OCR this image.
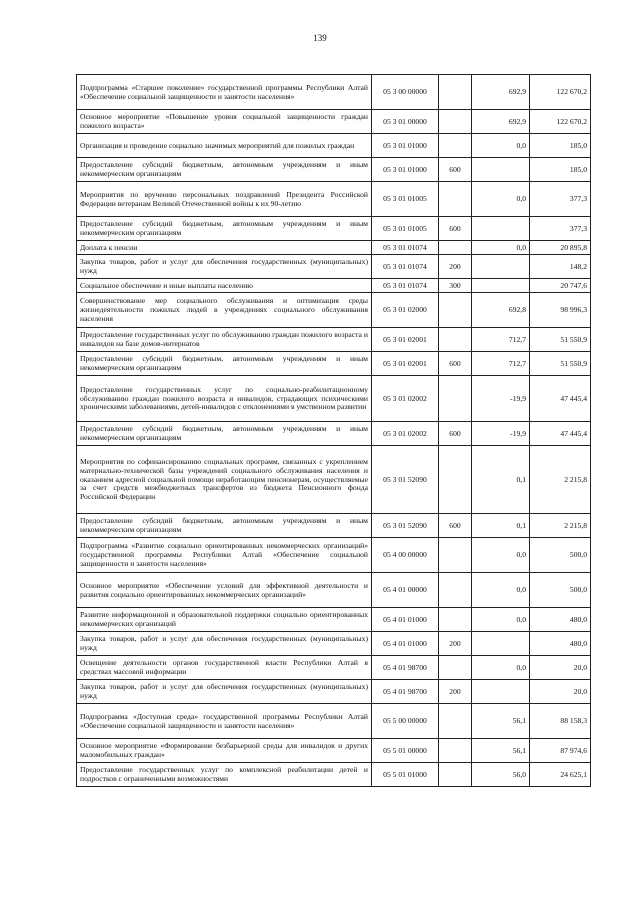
139
Подпрограмма «Старшее поколение» государственной программы Республики Алтай «Обеспечение социальной защищенности и занятости населения»	05 3 00 00000		692,9	122 670,2
Основное мероприятие «Повышение уровня социальной защищенности граждан пожилого возраста»	05 3 01 00000		692,9	122 670,2
Организация и проведение социально значимых мероприятий для пожилых граждан	05 3 01 01000		0,0	185,0
Предоставление субсидий бюджетным, автономным учреждениям и иным некоммерческим организациям	05 3 01 01000	600		185,0
Мероприятия по вручению персональных поздравлений Президента Российской Федерации ветеранам Великой Отечественной войны к их 90-летию	05 3 01 01005		0,0	377,3
Предоставление субсидий бюджетным, автономным учреждениям и иным некоммерческим организациям	05 3 01 01005	600		377,3
Доплата к пенсии	05 3 01 01074		0,0	20 895,8
Закупка товаров, работ и услуг для обеспечения государственных (муниципальных) нужд	05 3 01 01074	200		148,2
Социальное обеспечение и иные выплаты населению	05 3 01 01074	300		20 747,6
Совершенствование мер социального обслуживания и оптимизация среды жизнедеятельности пожилых людей в учреждениях социального обслуживания населения	05 3 01 02000		692,8	98 996,3
Предоставление государственных услуг по обслуживанию граждан пожилого возраста и инвалидов на базе домов-интернатов	05 3 01 02001		712,7	51 550,9
Предоставление субсидий бюджетным, автономным учреждениям и иным некоммерческим организациям	05 3 01 02001	600	712,7	51 550,9
Предоставление государственных услуг по социально-реабилитационному обслуживанию граждан пожилого возраста и инвалидов, страдающих психическими хроническими заболеваниями, детей-инвалидов с отклонениями в умственном развитии	05 3 01 02002		-19,9	47 445,4
Предоставление субсидий бюджетным, автономным учреждениям и иным некоммерческим организациям	05 3 01 02002	600	-19,9	47 445,4
Мероприятия по софинансированию социальных программ, связанных с укреплением материально-технической базы учреждений социального обслуживания населения и оказанием адресной социальной помощи неработающим пенсионерам, осуществляемые за счет средств межбюджетных трансфертов из бюджета Пенсионного фонда Российской Федерации	05 3 01 52090		0,1	2 215,8
Предоставление субсидий бюджетным, автономным учреждениям и иным некоммерческим организациям	05 3 01 52090	600	0,1	2 215,8
Подпрограмма «Развитие социально ориентированных некоммерческих организаций» государственной программы Республики Алтай «Обеспечение социальной защищенности и занятости населения»	05 4 00 00000		0,0	500,0
Основное мероприятие «Обеспечение условий для эффективной деятельности и развития социально ориентированных некоммерческих организаций»	05 4 01 00000		0,0	500,0
Развитие информационной и образовательной поддержки социально ориентированных некоммерческих организаций	05 4 01 01000		0,0	480,0
Закупка товаров, работ и услуг для обеспечения государственных (муниципальных) нужд	05 4 01 01000	200		480,0
Освещение деятельности органов государственной власти Республики Алтай в средствах массовой информации	05 4 01 98700		0,0	20,0
Закупка товаров, работ и услуг для обеспечения государственных (муниципальных) нужд	05 4 01 98700	200		20,0
Подпрограмма «Доступная среда» государственной программы Республики Алтай «Обеспечение социальной защищенности и занятости населения»	05 5 00 00000		56,1	88 158,3
Основное мероприятие «Формирование безбарьерной среды для инвалидов и других маломобильных граждан»	05 5 01 00000		56,1	87 974,6
Предоставление государственных услуг по комплексной реабилитации детей и подростков с ограниченными возможностями	05 5 01 01000		56,0	24 625,1
